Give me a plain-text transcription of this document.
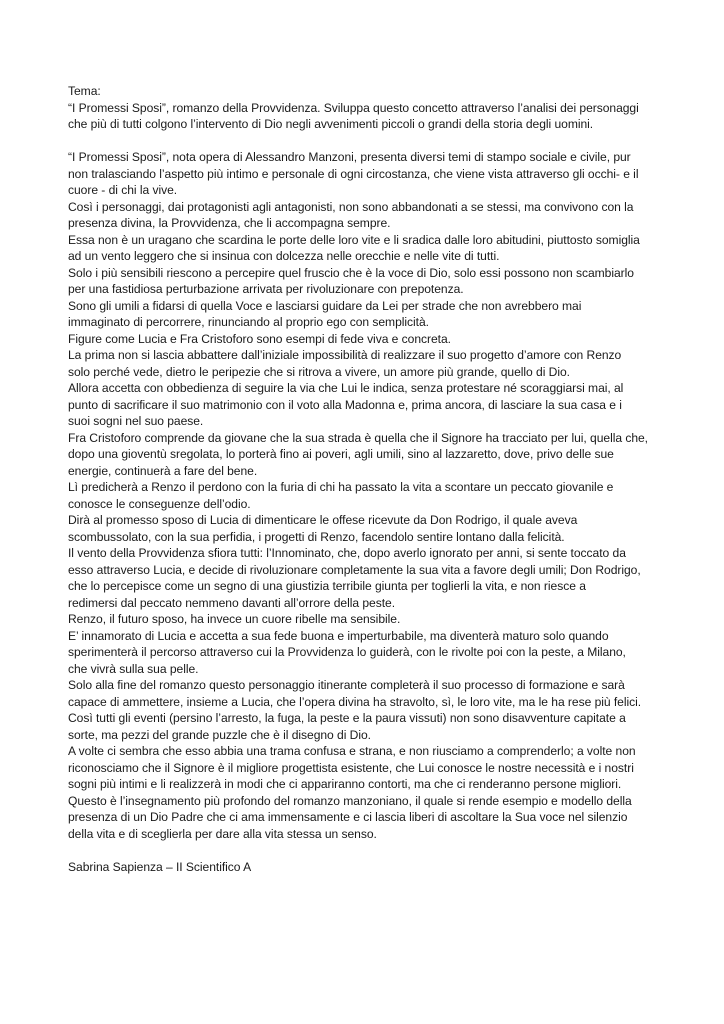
Tema:
“I Promessi Sposi”, romanzo della Provvidenza. Sviluppa questo concetto attraverso l’analisi dei personaggi
che più di tutti colgono l’intervento di Dio negli avvenimenti piccoli o grandi della storia degli uomini.
“I Promessi Sposi”, nota opera di Alessandro Manzoni, presenta diversi temi di stampo sociale e civile, pur
non tralasciando l’aspetto più intimo e personale di ogni circostanza, che viene vista attraverso gli occhi- e il
cuore - di chi la vive.
Così i personaggi, dai protagonisti agli antagonisti, non sono abbandonati a se stessi, ma convivono con la
presenza divina, la Provvidenza, che li accompagna sempre.
Essa non è un uragano che scardina le porte delle loro vite e li sradica dalle loro abitudini, piuttosto somiglia
ad un vento leggero che si insinua con dolcezza nelle orecchie e nelle vite di tutti.
Solo i più sensibili riescono a percepire quel fruscio che è la voce di Dio, solo essi possono non scambiarlo
per una fastidiosa perturbazione arrivata per rivoluzionare con prepotenza.
Sono gli umili a fidarsi di quella Voce e lasciarsi guidare da Lei per strade che non avrebbero mai
immaginato di percorrere, rinunciando al proprio ego con semplicità.
Figure come Lucia e Fra Cristoforo sono esempi di fede viva e concreta.
La prima non si lascia abbattere dall’iniziale impossibilità di realizzare il suo progetto d’amore con Renzo
solo perché vede, dietro le peripezie che si ritrova a vivere, un amore più grande, quello di Dio.
Allora accetta con obbedienza di seguire la via che Lui le indica, senza protestare né scoraggiarsi mai, al
punto di sacrificare il suo matrimonio con il voto alla Madonna e, prima ancora, di lasciare la sua casa e i
suoi sogni nel suo paese.
Fra Cristoforo comprende da giovane che la sua strada è quella che il Signore ha tracciato per lui, quella che,
dopo una gioventù sregolata, lo porterà fino ai poveri, agli umili, sino al lazzaretto, dove, privo delle sue
energie, continuerà a fare del bene.
Lì predicherà a Renzo il perdono con la furia di chi ha passato la vita a scontare un peccato giovanile e
conosce le conseguenze dell’odio.
Dirà al promesso sposo di Lucia di dimenticare le offese ricevute da Don Rodrigo, il quale aveva
scombussolato, con la sua perfidia, i progetti di Renzo, facendolo sentire lontano dalla felicità.
Il vento della Provvidenza sfiora tutti: l’Innominato, che, dopo averlo ignorato per anni, si sente toccato da
esso attraverso Lucia, e decide di rivoluzionare completamente la sua vita a favore degli umili; Don Rodrigo,
che lo percepisce come un segno di una giustizia terribile giunta per toglierli la vita, e non riesce a
redimersi dal peccato nemmeno davanti all’orrore della peste.
Renzo, il futuro sposo, ha invece un cuore ribelle ma sensibile.
E’ innamorato di Lucia e accetta a sua fede buona e imperturbabile, ma diventerà maturo solo quando
sperimenterà il percorso attraverso cui la Provvidenza lo guiderà, con le rivolte poi con la peste, a Milano,
che vivrà sulla sua pelle.
Solo alla fine del romanzo questo personaggio itinerante completerà il suo processo di formazione e sarà
capace di ammettere, insieme a Lucia, che l’opera divina ha stravolto, sì, le loro vite, ma le ha rese più felici.
Così tutti gli eventi (persino l’arresto, la fuga, la peste e la paura vissuti) non sono disavventure capitate a
sorte, ma pezzi del grande puzzle che è il disegno di Dio.
A volte ci sembra che esso abbia una trama confusa e strana, e non riusciamo a comprenderlo; a volte non
riconosciamo che il Signore è il migliore progettista esistente, che Lui conosce le nostre necessità e i nostri
sogni più intimi e li realizzerà in modi che ci appariranno contorti, ma che ci renderanno persone migliori.
Questo è l’insegnamento più profondo del romanzo manzoniano, il quale si rende esempio e modello della
presenza di un Dio Padre che ci ama immensamente e ci lascia liberi di ascoltare la Sua voce nel silenzio
della vita e di sceglierla per dare alla vita stessa un senso.
Sabrina Sapienza – II Scientifico A
